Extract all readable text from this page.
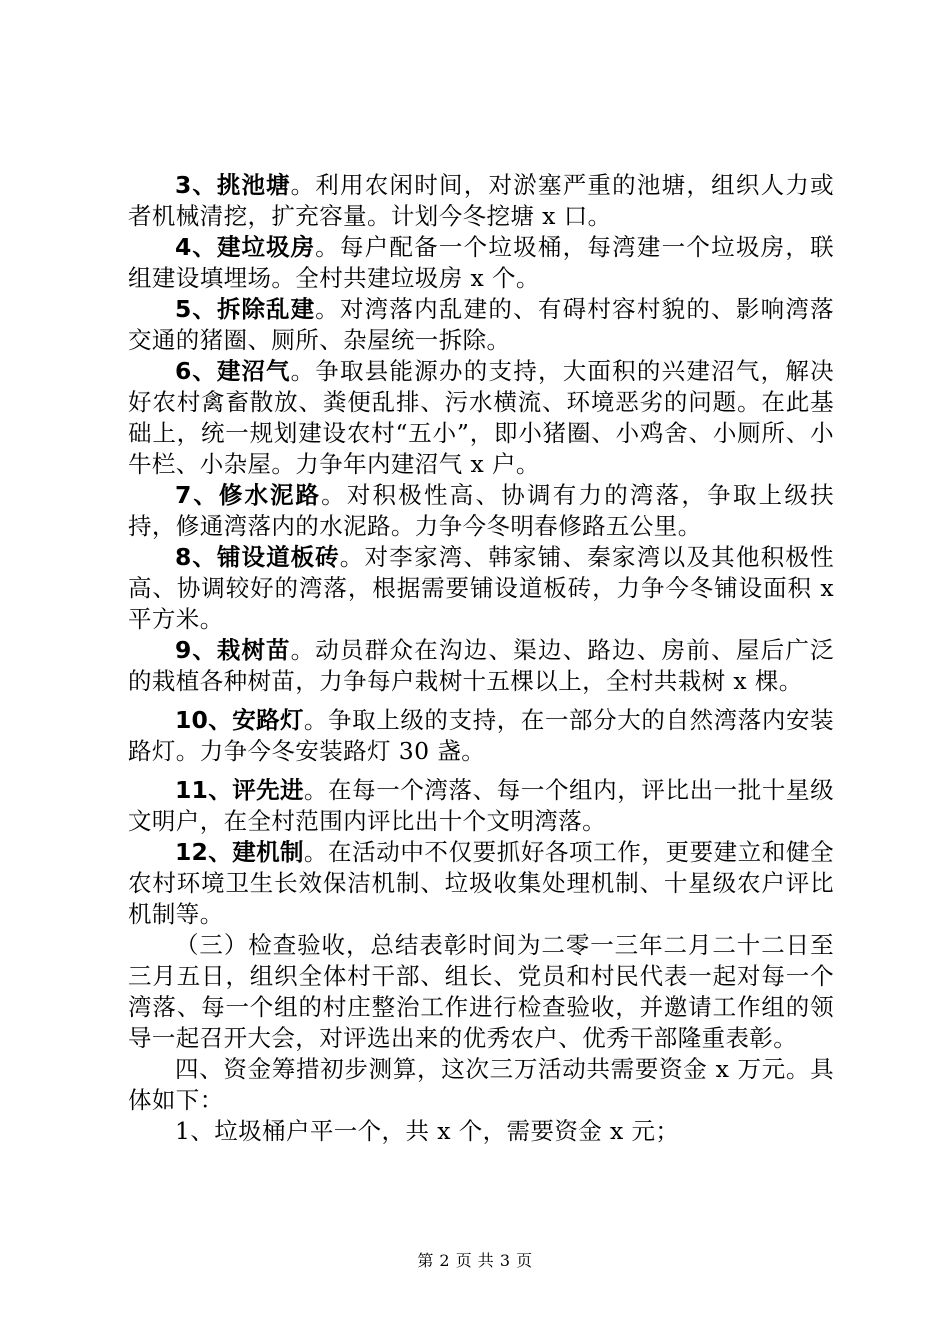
3、挑池塘。利用农闲时间，对淤塞严重的池塘，组织人力或者机械清挖，扩充容量。计划今冬挖塘 x 口。

4、建垃圾房。每户配备一个垃圾桶，每湾建一个垃圾房，联组建设填埋场。全村共建垃圾房 x 个。

5、拆除乱建。对湾落内乱建的、有碍村容村貌的、影响湾落交通的猪圈、厕所、杂屋统一拆除。

6、建沼气。争取县能源办的支持，大面积的兴建沼气，解决好农村禽畜散放、粪便乱排、污水横流、环境恶劣的问题。在此基础上，统一规划建设农村“五小”，即小猪圈、小鸡舍、小厕所、小牛栏、小杂屋。力争年内建沼气 x 户。

7、修水泥路。对积极性高、协调有力的湾落，争取上级扶持，修通湾落内的水泥路。力争今冬明春修路五公里。

8、铺设道板砖。对李家湾、韩家铺、秦家湾以及其他积极性高、协调较好的湾落，根据需要铺设道板砖，力争今冬铺设面积 x 平方米。

9、栽树苗。动员群众在沟边、渠边、路边、房前、屋后广泛的栽植各种树苗，力争每户栽树十五棵以上，全村共栽树 x 棵。

10、安路灯。争取上级的支持，在一部分大的自然湾落内安装路灯。力争今冬安装路灯 30 盏。

11、评先进。在每一个湾落、每一个组内，评比出一批十星级文明户，在全村范围内评比出十个文明湾落。

12、建机制。在活动中不仅要抓好各项工作，更要建立和健全农村环境卫生长效保洁机制、垃圾收集处理机制、十星级农户评比机制等。

（三）检查验收，总结表彰时间为二零一三年二月二十二日至三月五日，组织全体村干部、组长、党员和村民代表一起对每一个湾落、每一个组的村庄整治工作进行检查验收，并邀请工作组的领导一起召开大会，对评选出来的优秀农户、优秀干部隆重表彰。

四、资金筹措初步测算，这次三万活动共需要资金 x 万元。具体如下：

1、垃圾桶户平一个，共 x 个，需要资金 x 元；

第 2 页 共 3 页
